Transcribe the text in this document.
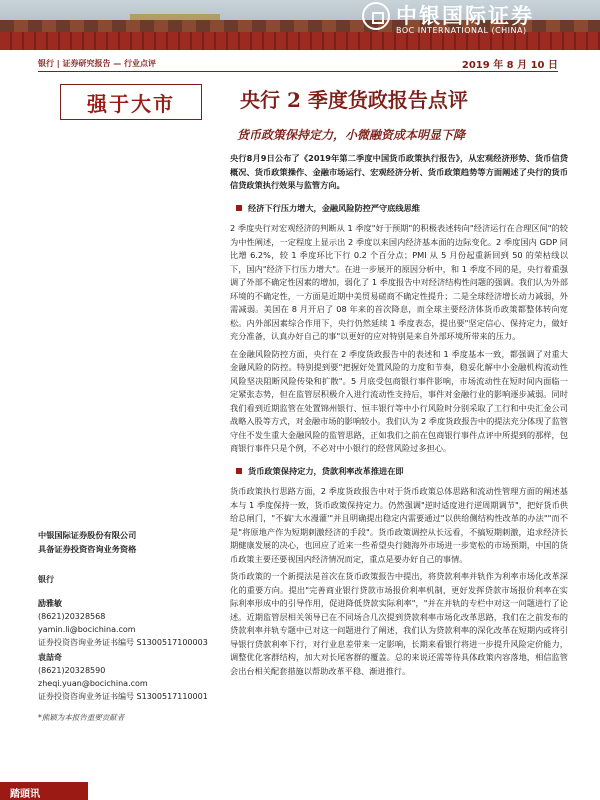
中银国际证券
BOC INTERNATIONAL (CHINA)
银行 | 证券研究报告 — 行业点评	2019 年 8 月 10 日
强于大市	央行 2 季度货政报告点评
货币政策保持定力，小微融资成本明显下降
央行8月9日公布了《2019年第二季度中国货币政策执行报告》，从宏观经济形势、货币信贷概况、货币政策操作、金融市场运行、宏观经济分析、货币政策趋势等方面阐述了央行的货币信贷政策执行效果与监管方向。
经济下行压力增大，金融风险防控严守底线思维

2 季度央行对宏观经济的判断从 1 季度"好于预期"的积极表述转向"经济运行在合理区间"的较为中性阐述，一定程度上显示出 2 季度以来国内经济基本面的边际变化。2 季度国内 GDP 同比增 6.2%，较 1 季度环比下行 0.2 个百分点；PMI 从 5 月份起重新回到 50 的荣枯线以下，国内"经济下行压力增大"。在进一步展开的原因分析中，和 1 季度不同的是，央行着重强调了外部不确定性因素的增加，弱化了 1 季度报告中对经济结构性问题的强调。我们认为外部环境的不确定性，一方面是近期中美贸易磋商不确定性提升；二是全球经济增长动力减弱，外需减弱。美国在 8 月开启了 08 年来的首次降息，而全球主要经济体货币政策都整体转向宽松。内外部因素综合作用下，央行仍然延续 1 季度表态，提出要"坚定信心、保持定力，做好充分准备，认真办好自己的事"以更好的应对特别是来自外部环境所带来的压力。

在金融风险防控方面，央行在 2 季度货政报告中的表述和 1 季度基本一致，都强调了对重大金融风险的防控。特别提到要"把握好处置风险的力度和节奏，稳妥化解中小金融机构流动性风险坚决阻断风险传染和扩散"。5 月底受包商银行事件影响，市场流动性在短时间内面临一定紧张态势，但在监管层积极介入进行流动性支持后，事件对金融行业的影响逐步减弱。同时我们看到近期监管在处置锦州银行、恒丰银行等中小行风险时分别采取了工行和中央汇金公司战略入股等方式，对金融市场的影响较小。我们认为 2 季度货政报告中的提法充分体现了监管守住不发生重大金融风险的监管思路，正如我们之前在包商银行事件点评中所提到的那样，包商银行事件只是个例，不必对中小银行的经营风险过多担心。

货币政策保持定力，贷款利率改革推进在即

货币政策执行思路方面，2 季度货政报告中对于货币政策总体思路和流动性管理方面的阐述基本与 1 季度保持一致，货币政策保持定力。仍然强调"逆时适度进行逆周期调节"，把好货币供给总闸门，"不搞'大水漫灌'"并且明确提出稳定内需要通过"以供给侧结构性改革的办法""而不是"将原地产作为短期刺激经济的手段"。货币政策调控从长远看，不搞短期刺激，追求经济长期健康发展的决心，也回应了近来一些希望央行随海外市场进一步宽松的市场预期，中国的货币政策主要还要视国内经济情况而定，重点是要办好自己的事情。

货币政策的一个新提法是首次在货币政策报告中提出，将贷款利率并轨作为利率市场化改革深化的重要方向。提出"完善商业银行贷款市场报价利率机制，更好发挥贷款市场报价利率在实际利率形成中的引导作用，促进降低贷款实际利率"，"并在并轨的专栏中对这一问题进行了论述。近期监管层相关领导已在不同场合几次提到贷款利率市场化改革思路，我们在之前发布的贷款利率并轨专题中已对这一问题进行了阐述，我们认为贷款利率的深化改革在短期内或将引导银行贷款利率下行，对行业息差带来一定影响，长期来看银行将进一步提升风险定价能力，调整优化客群结构，加大对长尾客群的覆盖。总的来说还需等待具体政策内容落地，相信监管会出台相关配套措施以帮助改革平稳、渐进推行。

中银国际证券股份有限公司
具备证券投资咨询业务资格
银行
励雅敏
(8621)20328568
yamin.li@bocichina.com
证券投资咨询业务证书编号 S1300517100003
袁喆奇
(8621)20328590
zheqi.yuan@bocichina.com
证券投资咨询业务证书编号 S1300517110001
*熊颖为本报告重要贡献者
踏頭讯
